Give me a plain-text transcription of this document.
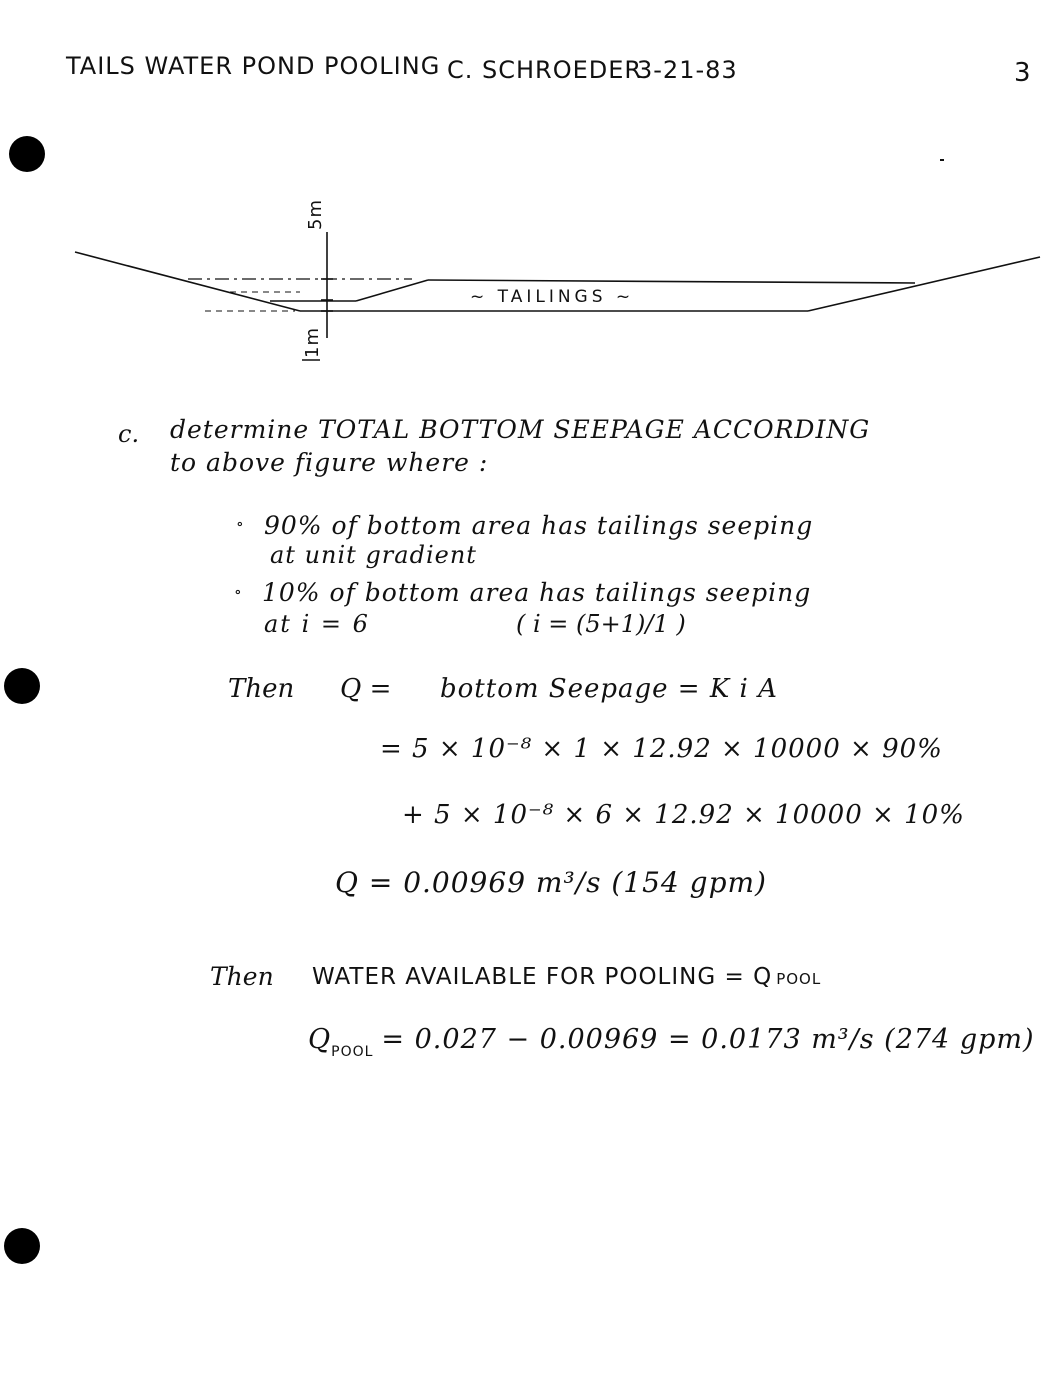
TAILS WATER POND POOLING C. SCHROEDER
3-21-83	3
5m
1m
~ TAILINGS ~
c. determine TOTAL BOTTOM SEEPAGE ACCORDING
to above figure where :
∘ 90% of bottom area has tailings seeping
at unit gradient
∘ 10% of bottom area has tailings seeping
at i = 6	( i = (5+1)/1 )
Then Q = bottom Seepage = K i A
= 5 × 10⁻⁸ × 1 × 12.92 × 10000 × 90%
+ 5 × 10⁻⁸ × 6 × 12.92 × 10000 × 10%
Q = 0.00969 m³/s (154 gpm)
Then WATER AVAILABLE FOR POOLING = Q POOL
$Q_{POOL} = 0.027 - 0.00969 = 0.0173$ m³/s (274 gpm)
